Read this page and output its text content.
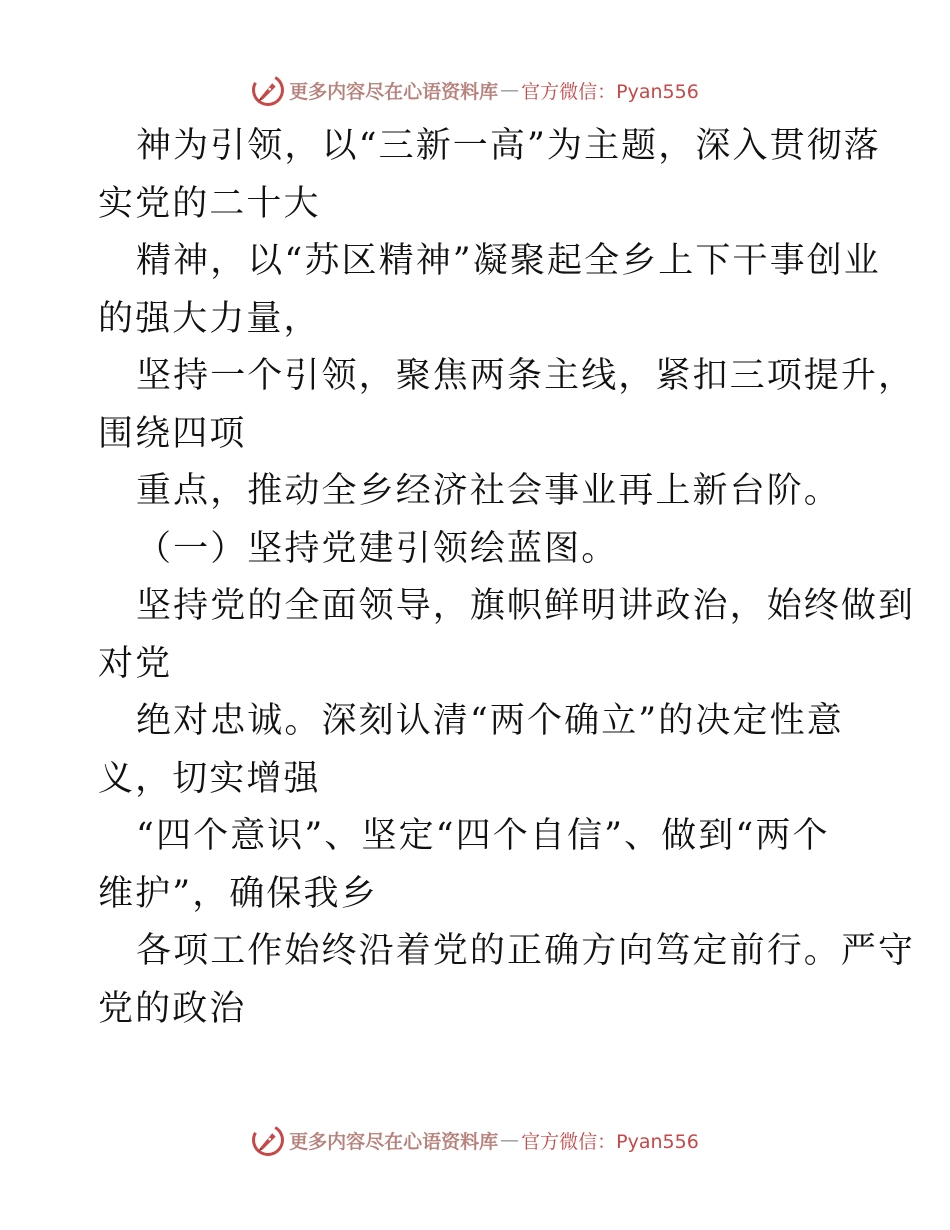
更多内容尽在心语资料库 — 官方微信：Pyan556
神为引领，以“三新一高”为主题，深入贯彻落
实党的二十大
精神，以“苏区精神”凝聚起全乡上下干事创业
的强大力量，
坚持一个引领，聚焦两条主线，紧扣三项提升，
围绕四项
重点，推动全乡经济社会事业再上新台阶。
（一）坚持党建引领绘蓝图。
坚持党的全面领导，旗帜鲜明讲政治，始终做到
对党
绝对忠诚。深刻认清“两个确立”的决定性意
义，切实增强
“四个意识”、坚定“四个自信”、做到“两个
维护”，确保我乡
各项工作始终沿着党的正确方向笃定前行。严守
党的政治
更多内容尽在心语资料库 — 官方微信：Pyan556
